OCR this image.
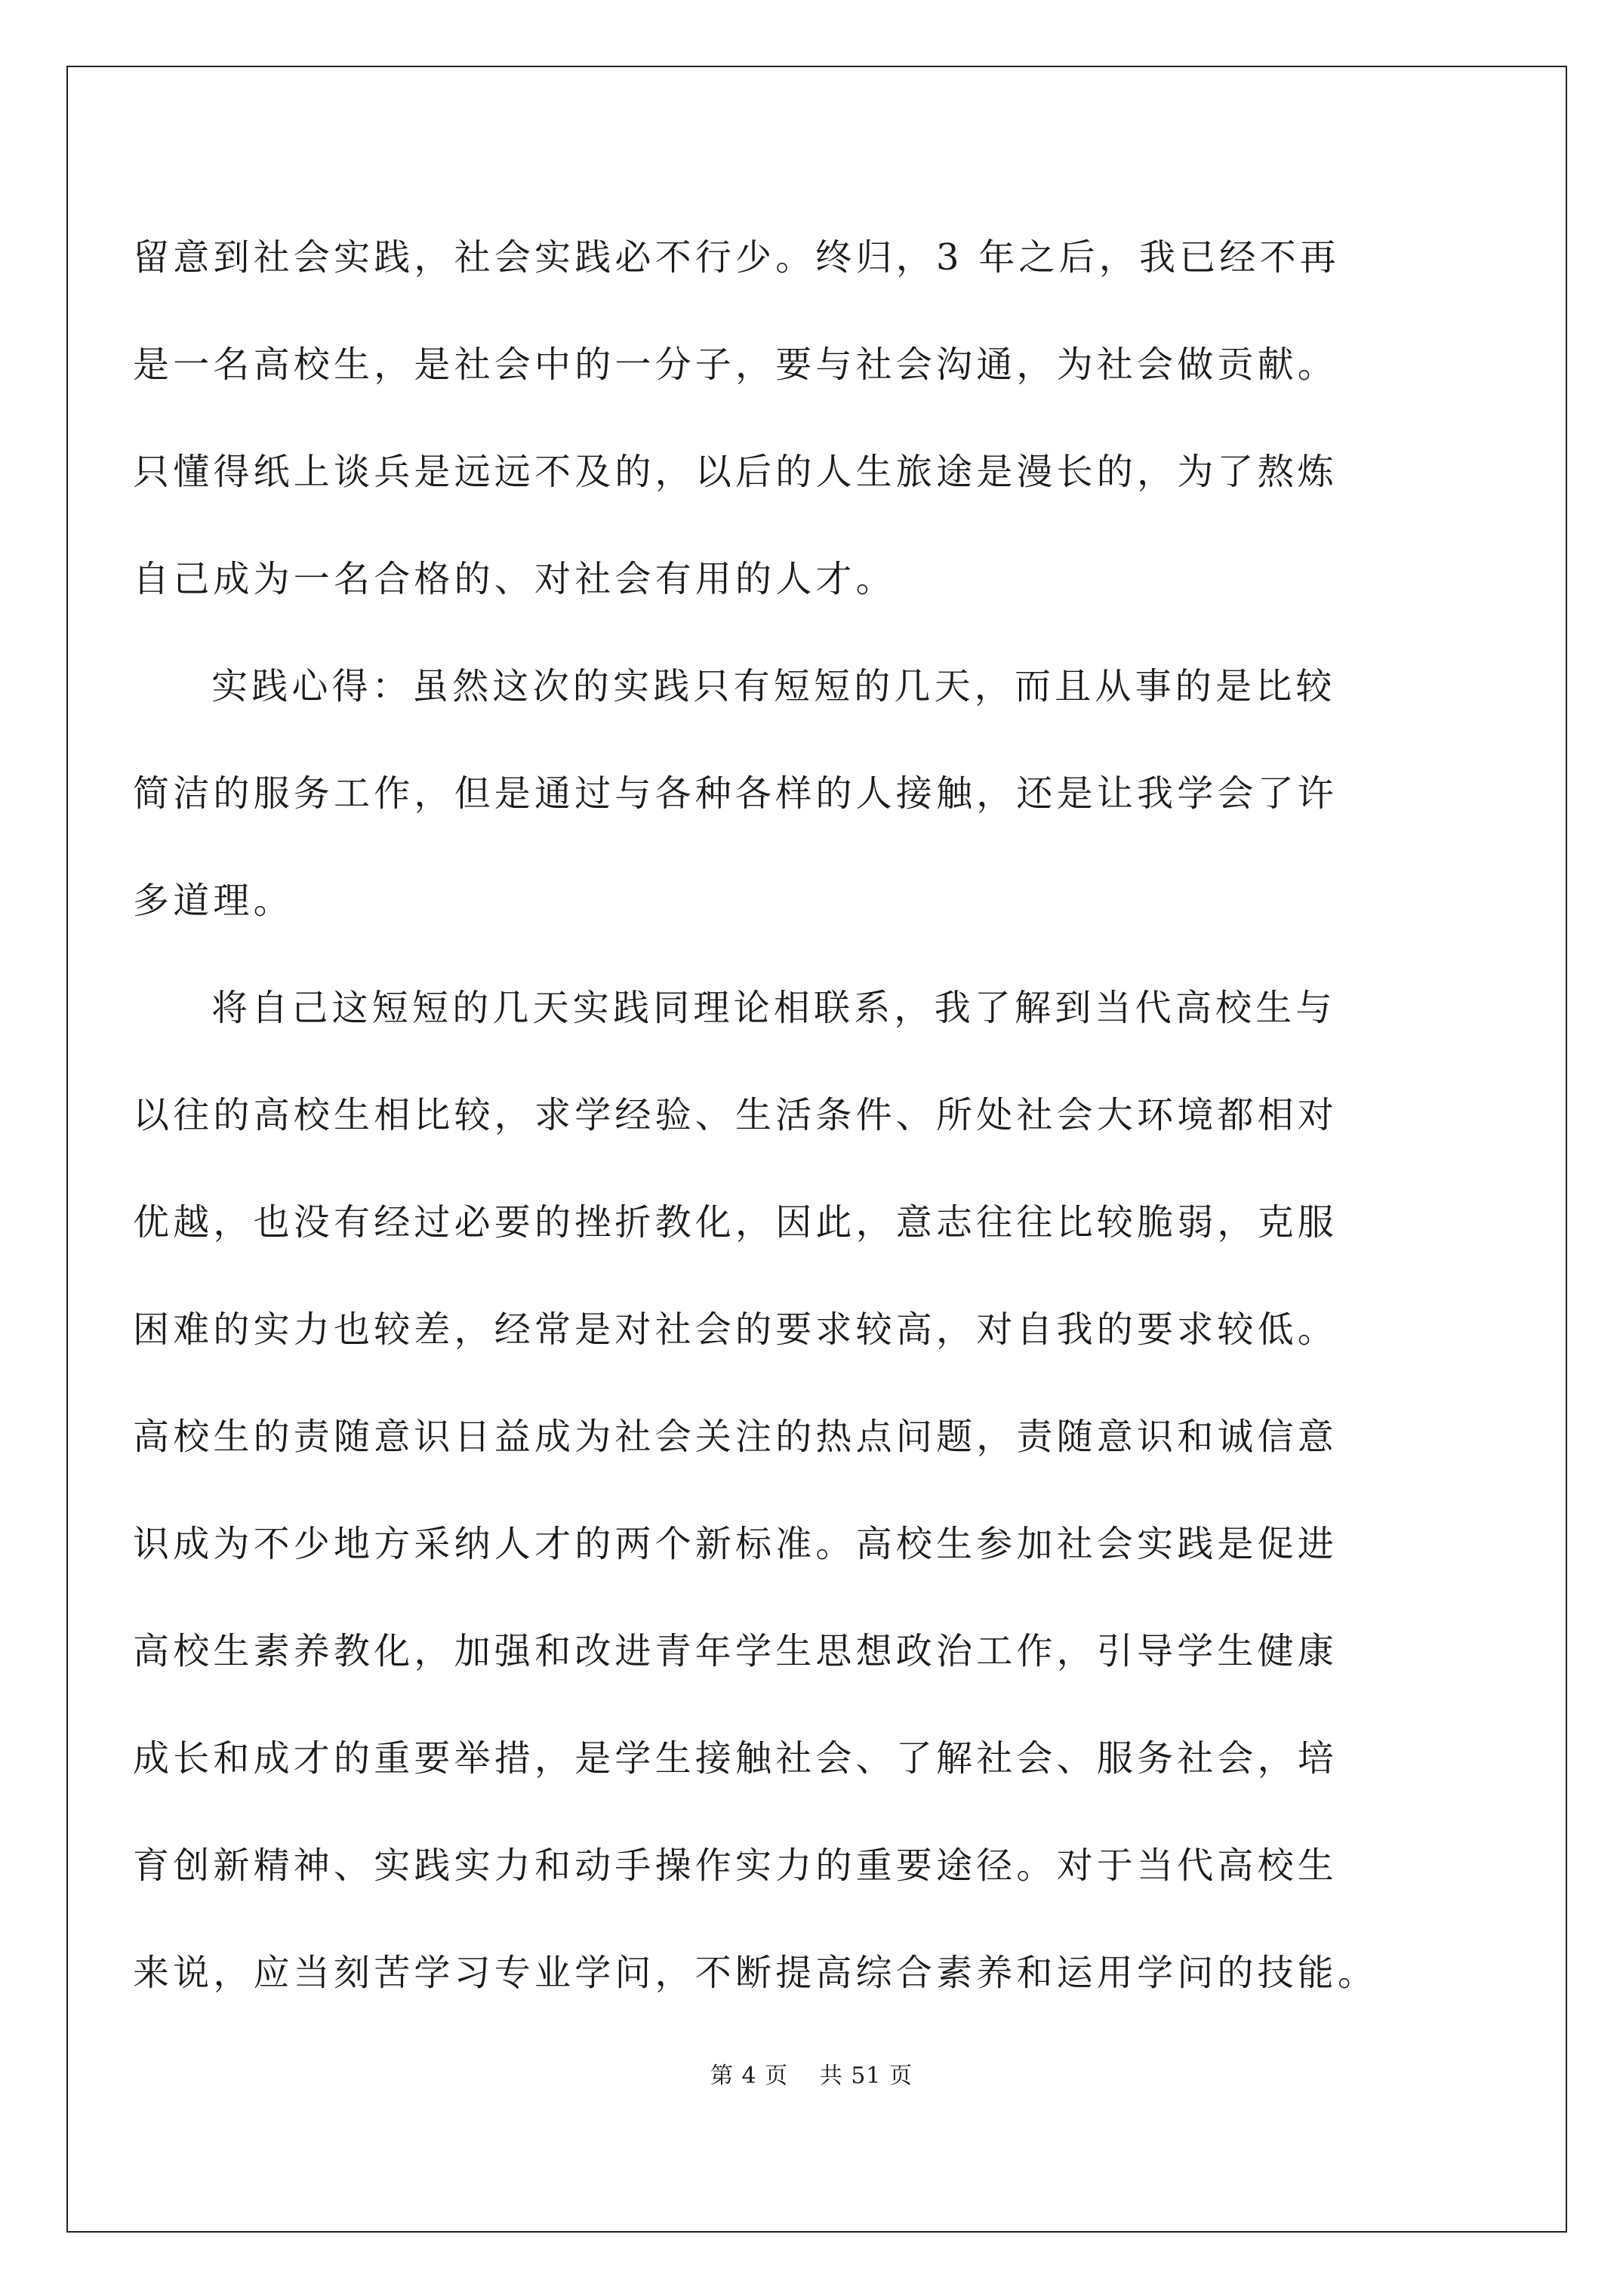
留意到社会实践，社会实践必不行少。终归，3 年之后，我已经不再
是一名高校生，是社会中的一分子，要与社会沟通，为社会做贡献。
只懂得纸上谈兵是远远不及的，以后的人生旅途是漫长的，为了熬炼
自己成为一名合格的、对社会有用的人才。
实践心得：虽然这次的实践只有短短的几天，而且从事的是比较
简洁的服务工作，但是通过与各种各样的人接触，还是让我学会了许
多道理。
将自己这短短的几天实践同理论相联系，我了解到当代高校生与
以往的高校生相比较，求学经验、生活条件、所处社会大环境都相对
优越，也没有经过必要的挫折教化，因此，意志往往比较脆弱，克服
困难的实力也较差，经常是对社会的要求较高，对自我的要求较低。
高校生的责随意识日益成为社会关注的热点问题，责随意识和诚信意
识成为不少地方采纳人才的两个新标准。高校生参加社会实践是促进
高校生素养教化，加强和改进青年学生思想政治工作，引导学生健康
成长和成才的重要举措，是学生接触社会、了解社会、服务社会，培
育创新精神、实践实力和动手操作实力的重要途径。对于当代高校生
来说，应当刻苦学习专业学问，不断提高综合素养和运用学问的技能。
第 4 页　 共 51 页
